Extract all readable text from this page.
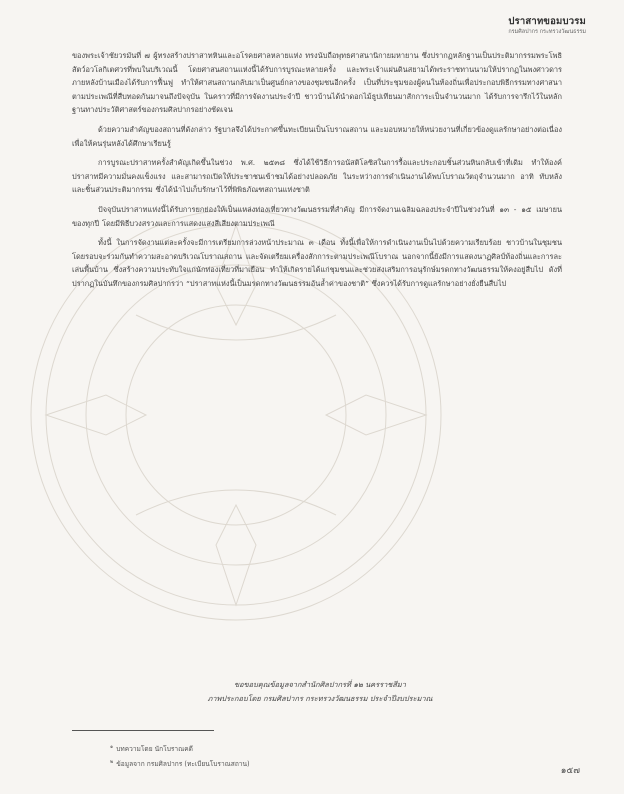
ปราสาทขอมบวรม
กรมศิลปากร กระทรวงวัฒนธรรม

ของพระเจ้าชัยวรมันที่ ๗ ผู้ทรงสร้างปราสาทหินและอโรคยศาลหลายแห่ง ทรงนับถือพุทธศาสนานิกายมหายาน ซึ่งปรากฏหลักฐานเป็นประติมากรรมพระโพธิสัตว์อวโลกิเตศวรที่พบในบริเวณนี้ โดยศาสนสถานแห่งนี้ได้รับการบูรณะหลายครั้ง และพระเจ้าแผ่นดินสยามได้พระราชทานนามให้ปรากฏในพงศาวดาร ภายหลังบ้านเมืองได้รับการฟื้นฟู ทำให้ศาสนสถานกลับมาเป็นศูนย์กลางของชุมชนอีกครั้ง เป็นที่ประชุมของผู้คนในท้องถิ่นเพื่อประกอบพิธีกรรมทางศาสนาตามประเพณีที่สืบทอดกันมาจนถึงปัจจุบัน ในคราวที่มีการจัดงานประจำปี ชาวบ้านได้นำดอกไม้ธูปเทียนมาสักการะเป็นจำนวนมาก ได้รับการจารึกไว้ในหลักฐานทางประวัติศาสตร์ของกรมศิลปากรอย่างชัดเจน

ด้วยความสำคัญของสถานที่ดังกล่าว รัฐบาลจึงได้ประกาศขึ้นทะเบียนเป็นโบราณสถาน และมอบหมายให้หน่วยงานที่เกี่ยวข้องดูแลรักษาอย่างต่อเนื่อง เพื่อให้คนรุ่นหลังได้ศึกษาเรียนรู้

การบูรณะปราสาทครั้งสำคัญเกิดขึ้นในช่วง พ.ศ. ๒๕๓๘ ซึ่งได้ใช้วิธีการอนัสติโลซิสในการรื้อและประกอบชิ้นส่วนหินกลับเข้าที่เดิม ทำให้องค์ปราสาทมีความมั่นคงแข็งแรง และสามารถเปิดให้ประชาชนเข้าชมได้อย่างปลอดภัย ในระหว่างการดำเนินงานได้พบโบราณวัตถุจำนวนมาก อาทิ ทับหลัง และชิ้นส่วนประติมากรรม ซึ่งได้นำไปเก็บรักษาไว้ที่พิพิธภัณฑสถานแห่งชาติ

ปัจจุบันปราสาทแห่งนี้ได้รับการยกย่องให้เป็นแหล่งท่องเที่ยวทางวัฒนธรรมที่สำคัญ มีการจัดงานเฉลิมฉลองประจำปีในช่วงวันที่ ๑๓ - ๑๕ เมษายน ของทุกปี โดยมีพิธีบวงสรวงและการแสดงแสงสีเสียงตามประเพณี

ทั้งนี้ ในการจัดงานแต่ละครั้งจะมีการเตรียมการล่วงหน้าประมาณ ๓ เดือน ทั้งนี้เพื่อให้การดำเนินงานเป็นไปด้วยความเรียบร้อย ชาวบ้านในชุมชนโดยรอบจะร่วมกันทำความสะอาดบริเวณโบราณสถาน และจัดเตรียมเครื่องสักการะตามประเพณีโบราณ นอกจากนี้ยังมีการแสดงนาฏศิลป์ท้องถิ่นและการละเล่นพื้นบ้าน ซึ่งสร้างความประทับใจแก่นักท่องเที่ยวที่มาเยือน ทำให้เกิดรายได้แก่ชุมชนและช่วยส่งเสริมการอนุรักษ์มรดกทางวัฒนธรรมให้คงอยู่สืบไป ดังที่ปรากฏในบันทึกของกรมศิลปากรว่า “ปราสาทแห่งนี้เป็นมรดกทางวัฒนธรรมอันล้ำค่าของชาติ” ซึ่งควรได้รับการดูแลรักษาอย่างยั่งยืนสืบไป

ขอขอบคุณข้อมูลจากสำนักศิลปากรที่ ๑๒ นครราชสีมา
ภาพประกอบโดย กรมศิลปากร กระทรวงวัฒนธรรม ประจำปีงบประมาณ
$^๑$ บทความโดย นักโบราณคดี
$^๒$ ข้อมูลจาก กรมศิลปากร (ทะเบียนโบราณสถาน)
๑๕๗
